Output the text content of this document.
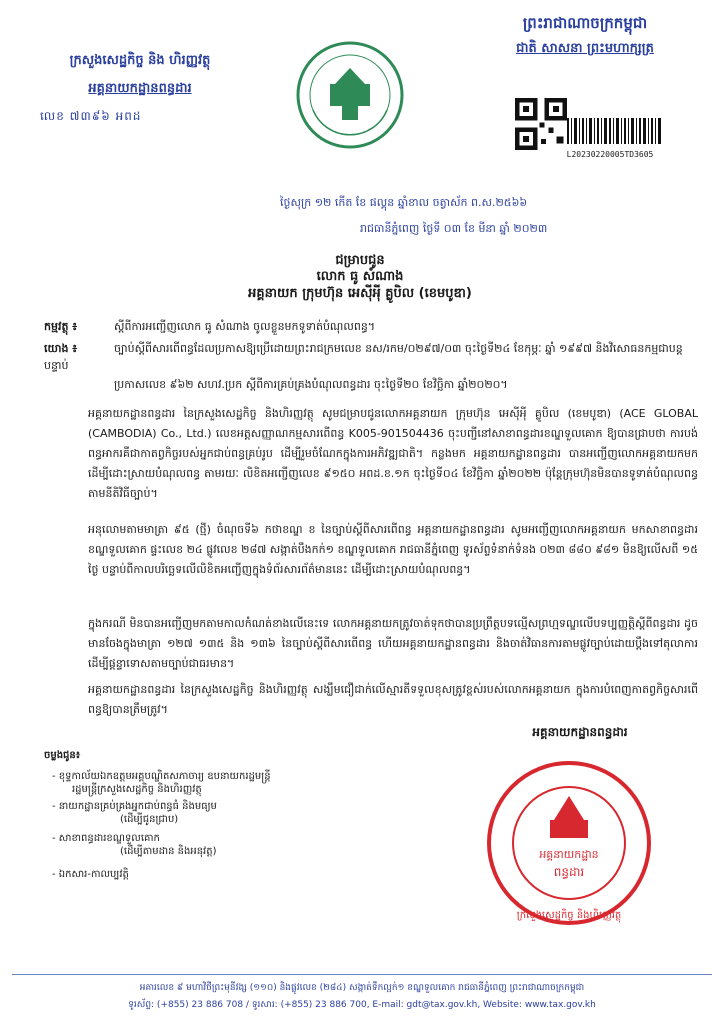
ក្រសួងសេដ្ឋកិច្ច និង ហិរញ្ញវត្ថុ
អគ្គនាយកដ្ឋានពន្ធដារ
លេខ ៧៣៩៦ អពដ
ព្រះរាជាណាចក្រកម្ពុជា
ជាតិ សាសនា ព្រះមហាក្សត្រ
L20230220005TD3605
ថ្ងៃសុក្រ ១២ កើត ខែ ផល្គុន ឆ្នាំខាល ចត្វាស័ក ព.ស.២៥៦៦
រាជធានីភ្នំពេញ ថ្ងៃទី ០៣ ខែ មីនា ឆ្នាំ ២០២៣
ជម្រាបជូន
លោក ធូ សំណាង
អគ្គនាយក ក្រុមហ៊ុន អេសុីអុី គ្លូបិល (ខេមបូឌា)
កម្មវត្ថុ ៖	ស្តីពីការអញ្ជើញលោក ធូ សំណាង ចូលខ្លួនមកទូទាត់បំណុលពន្ធ។
យោង ៖	ច្បាប់ស្តីពីសារពើពន្ធដែលប្រកាសឱ្យប្រើដោយព្រះរាជក្រមលេខ នស/រកម/០២៩៧/០៣ ចុះថ្ងៃទី២៤ ខែកុម្ភៈ ឆ្នាំ ១៩៩៧ និងវិសោធនកម្មជាបន្តបន្ទាប់
ប្រកាសលេខ ៩៦២ សហវ.ប្រក ស្តីពីការគ្រប់គ្រងបំណុលពន្ធដារ ចុះថ្ងៃទី២០ ខែវិច្ឆិកា ឆ្នាំ២០២០។
អគ្គនាយកដ្ឋានពន្ធដារ នៃក្រសួងសេដ្ឋកិច្ច និងហិរញ្ញវត្ថុ សូមជម្រាបជូនលោកអគ្គនាយក ក្រុមហ៊ុន អេសុីអុី គ្លូបិល (ខេមបូឌា) (ACE GLOBAL (CAMBODIA) Co., Ltd.) លេខអត្តសញ្ញាណកម្មសារពើពន្ធ K005-901504436 ចុះបញ្ជីនៅសាខាពន្ធដារខណ្ឌទួលគោក ឱ្យបានជ្រាបថា ការបង់ពន្ធអាករគឺជាកាតព្វកិច្ចរបស់អ្នកជាប់ពន្ធគ្រប់រូប ដើម្បីរួមចំណែកក្នុងការអភិវឌ្ឍជាតិ។ កន្លងមក អគ្គនាយកដ្ឋានពន្ធដារ បានអញ្ជើញលោកអគ្គនាយកមកដើម្បីដោះស្រាយបំណុលពន្ធ តាមរយៈ លិខិតអញ្ជើញលេខ ៩១៥០ អពដ.ខ.១ក ចុះថ្ងៃទី០៤ ខែវិច្ឆិកា ឆ្នាំ២០២២ ប៉ុន្តែក្រុមហ៊ុនមិនបានទូទាត់បំណុលពន្ធតាមនីតិវិធីច្បាប់។
អនុលោមតាមមាត្រា ៩៥ (ថ្មី) ចំណុចទី៦ កថាខណ្ឌ ខ នៃច្បាប់ស្តីពីសារពើពន្ធ អគ្គនាយកដ្ឋានពន្ធដារ សូមអញ្ជើញលោកអគ្គនាយក មកសាខាពន្ធដារខណ្ឌទួលគោក ផ្ទះលេខ ២៤ ផ្លូវលេខ ២៨៧ សង្កាត់បឹងកក់១ ខណ្ឌទួលគោក រាជធានីភ្នំពេញ ទូរស័ព្ទទំនាក់ទំនង ០២៣ ៨៨០ ៩៨១ មិនឱ្យលើសពី ១៥ ថ្ងៃ បន្ទាប់ពីកាលបរិច្ឆេទលើលិខិតអញ្ជើញក្នុងទំព័រសារព័ត៌មាននេះ ដើម្បីដោះស្រាយបំណុលពន្ធ។
ក្នុងករណី មិនបានអញ្ជើញមកតាមកាលកំណត់ខាងលើនេះទេ លោកអគ្គនាយកត្រូវចាត់ទុកថាបានប្រព្រឹត្តបទល្មើសព្រហ្មទណ្ឌលើបទប្បញ្ញត្តិស្តីពីពន្ធដារ ដូចមានចែងក្នុងមាត្រា ១២៧ ១៣៥ និង ១៣៦ នៃច្បាប់ស្តីពីសារពើពន្ធ ហើយអគ្គនាយកដ្ឋានពន្ធដារ និងចាត់វិធានការតាមផ្លូវច្បាប់ដោយប្តឹងទៅតុលាការដើម្បីផ្តន្ទាទោសតាមច្បាប់ជាធរមាន។
អគ្គនាយកដ្ឋានពន្ធដារ នៃក្រសួងសេដ្ឋកិច្ច និងហិរញ្ញវត្ថុ សង្ឃឹមជឿជាក់លើស្មារតីទទួលខុសត្រូវខ្ពស់របស់លោកអគ្គនាយក ក្នុងការបំពេញកាតព្វកិច្ចសារពើពន្ធឱ្យបានត្រឹមត្រូវ។
អគ្គនាយកដ្ឋានពន្ធដារ
ចម្លងជូន៖
- ខុទ្ទកាល័យឯកឧត្តមអគ្គបណ្ឌិតសភាចារ្យ ឧបនាយករដ្ឋមន្ត្រី
រដ្ឋមន្ត្រីក្រសួងសេដ្ឋកិច្ច និងហិរញ្ញវត្ថុ
- នាយកដ្ឋានគ្រប់គ្រងអ្នកជាប់ពន្ធធំ និងមធ្យម
(ដើម្បីជូនជ្រាប)
- សាខាពន្ធដារខណ្ឌទួលគោក
(ដើម្បីតាមដាន និងអនុវត្ត)
- ឯកសារ-កាលប្បវត្តិ
អគ្គនាយកដ្ឋាន
ពន្ធដារ
ក្រសួងសេដ្ឋកិច្ច និងហិរញ្ញវត្ថុ
អគារលេខ ៩ មហាវិថីព្រះមុនីវង្ស (១១០) និងផ្លូវលេខ (២៨៤) សង្កាត់ទឹកល្អក់១ ខណ្ឌទួលគោក រាជធានីភ្នំពេញ ព្រះរាជាណាចក្រកម្ពុជា
ទូរស័ព្ទ: (+855) 23 886 708 / ទូរសារ: (+855) 23 886 700, E-mail: gdt@tax.gov.kh, Website: www.tax.gov.kh
